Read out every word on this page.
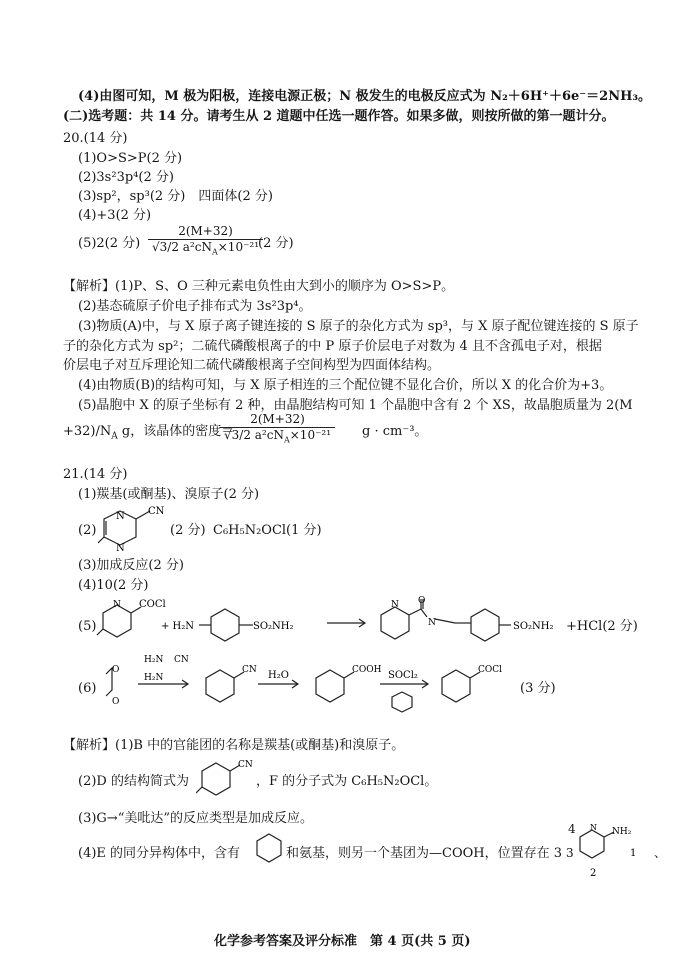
(4)由图可知，M 极为阳极，连接电源正极；N 极发生的电极反应式为 N₂＋6H⁺＋6e⁻＝2NH₃。
(二)选考题：共 14 分。请考生从 2 道题中任选一题作答。如果多做，则按所做的第一题计分。
20.(14 分)
(1)O>S>P(2 分)
(2)3s²3p⁴(2 分)
(3)sp²，sp³(2 分)　四面体(2 分)
(4)+3(2 分)
(5)2(2 分)
2(M+32)
√3/2 $a^2cN_A\times 10^{-21}$
(2 分)
【解析】(1)P、S、O 三种元素电负性由大到小的顺序为 O>S>P。
(2)基态硫原子价电子排布式为 3s²3p⁴。
(3)物质(A)中，与 X 原子离子键连接的 S 原子的杂化方式为 sp³，与 X 原子配位键连接的 S 原子
子的杂化方式为 sp²；二硫代磷酸根离子的中 P 原子价层电子对数为 4 且不含孤电子对，根据
价层电子对互斥理论知二硫代磷酸根离子空间构型为四面体结构。
(4)由物质(B)的结构可知，与 X 原子相连的三个配位键不显化合价，所以 X 的化合价为+3。
(5)晶胞中 X 的原子坐标有 2 种，由晶胞结构可知 1 个晶胞中含有 2 个 XS，故晶胞质量为 2(M
$+32)/N_A$ g，该晶体的密度＝
2(M+32)
√3/2 $a^2cN_A\times 10^{-21}$	g · cm⁻³。
21.(14 分)
(1)羰基(或酮基)、溴原子(2 分)
(2)
N
N
CN
(2 分) C₆H₅N₂OCl(1 分)
(3)加成反应(2 分)
(4)10(2 分)
(5)
COCl
N
+ H₂N	SO₂NH₂
N O
N	SO₂NH₂ +HCl(2 分)
(6)
O
O
H₂N CN
H₂N
CN H₂O	COOH SOCl₂	COCl
(3 分)
【解析】(1)B 中的官能团的名称是羰基(或酮基)和溴原子。
(2)D 的结构简式为
CN
，F 的分子式为 C₆H₅N₂OCl。
(3)G→“美吡达”的反应类型是加成反应。
(4)E 的同分异构体中，含有	和氨基，则另一个基团为—COOH，位置存在 3
N NH₂
1
2
4
3	、
化学参考答案及评分标准　第 4 页(共 5 页)
